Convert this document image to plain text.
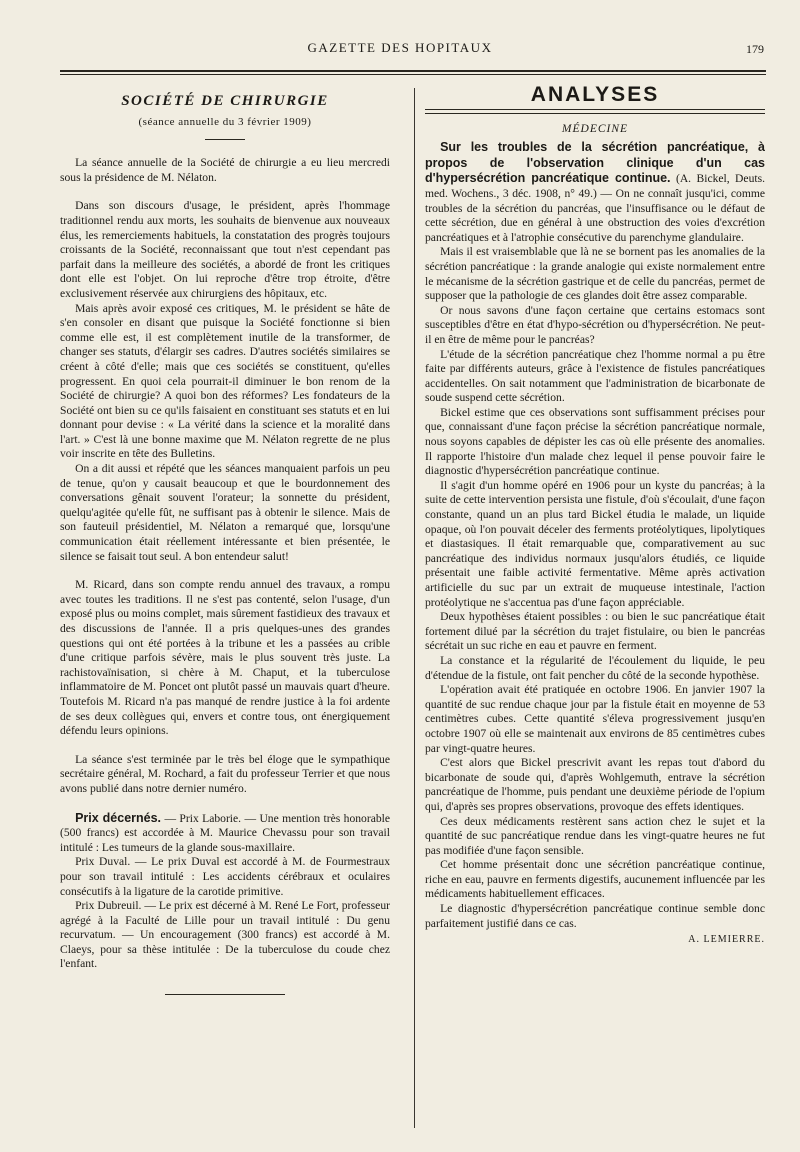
GAZETTE DES HOPITAUX	179
SOCIÉTÉ DE CHIRURGIE
(séance annuelle du 3 février 1909)

La séance annuelle de la Société de chirurgie a eu lieu mercredi sous la présidence de M. Nélaton.

Dans son discours d'usage, le président, après l'hommage traditionnel rendu aux morts, les souhaits de bienvenue aux nouveaux élus, les remerciements habituels, la constatation des progrès toujours croissants de la Société, reconnaissant que tout n'est cependant pas parfait dans la meilleure des sociétés, a abordé de front les critiques dont elle est l'objet. On lui reproche d'être trop étroite, d'être exclusivement réservée aux chirurgiens des hôpitaux, etc.

Mais après avoir exposé ces critiques, M. le président se hâte de s'en consoler en disant que puisque la Société fonctionne si bien comme elle est, il est complètement inutile de la transformer, de changer ses statuts, d'élargir ses cadres. D'autres sociétés similaires se créent à côté d'elle; mais que ces sociétés se constituent, qu'elles progressent. En quoi cela pourrait-il diminuer le bon renom de la Société de chirurgie? A quoi bon des réformes? Les fondateurs de la Société ont bien su ce qu'ils faisaient en constituant ses statuts et en lui donnant pour devise : « La vérité dans la science et la moralité dans l'art. » C'est là une bonne maxime que M. Nélaton regrette de ne plus voir inscrite en tête des Bulletins.

On a dit aussi et répété que les séances manquaient parfois un peu de tenue, qu'on y causait beaucoup et que le bourdonnement des conversations gênait souvent l'orateur; la sonnette du président, quelqu'agitée qu'elle fût, ne suffisant pas à obtenir le silence. Mais de son fauteuil présidentiel, M. Nélaton a remarqué que, lorsqu'une communication était réellement intéressante et bien présentée, le silence se faisait tout seul. A bon entendeur salut!

M. Ricard, dans son compte rendu annuel des travaux, a rompu avec toutes les traditions. Il ne s'est pas contenté, selon l'usage, d'un exposé plus ou moins complet, mais sûrement fastidieux des travaux et des discussions de l'année. Il a pris quelques-unes des grandes questions qui ont été portées à la tribune et les a passées au crible d'une critique parfois sévère, mais le plus souvent très juste. La rachistovaïnisation, si chère à M. Chaput, et la tuberculose inflammatoire de M. Poncet ont plutôt passé un mauvais quart d'heure. Toutefois M. Ricard n'a pas manqué de rendre justice à la foi ardente de ses deux collègues qui, envers et contre tous, ont énergiquement défendu leurs opinions.

La séance s'est terminée par le très bel éloge que le sympathique secrétaire général, M. Rochard, a fait du professeur Terrier et que nous avons publié dans notre dernier numéro.

Prix décernés. — Prix Laborie. — Une mention très honorable (500 francs) est accordée à M. Maurice Chevassu pour son travail intitulé : Les tumeurs de la glande sous-maxillaire.

Prix Duval. — Le prix Duval est accordé à M. de Fourmestraux pour son travail intitulé : Les accidents cérébraux et oculaires consécutifs à la ligature de la carotide primitive.

Prix Dubreuil. — Le prix est décerné à M. René Le Fort, professeur agrégé à la Faculté de Lille pour un travail intitulé : Du genu recurvatum. — Un encouragement (300 francs) est accordé à M. Claeys, pour sa thèse intitulée : De la tuberculose du coude chez l'enfant.

ANALYSES
MÉDECINE

Sur les troubles de la sécrétion pancréatique, à propos de l'observation clinique d'un cas d'hypersécrétion pancréatique continue. (A. Bickel, Deuts. med. Wochens., 3 déc. 1908, n° 49.) — On ne connaît jusqu'ici, comme troubles de la sécrétion du pancréas, que l'insuffisance ou le défaut de cette sécrétion, due en général à une obstruction des voies d'excrétion pancréatiques et à l'atrophie consécutive du parenchyme glandulaire.

Mais il est vraisemblable que là ne se bornent pas les anomalies de la sécrétion pancréatique : la grande analogie qui existe normalement entre le mécanisme de la sécrétion gastrique et de celle du pancréas, permet de supposer que la pathologie de ces glandes doit être assez comparable.

Or nous savons d'une façon certaine que certains estomacs sont susceptibles d'être en état d'hypo-sécrétion ou d'hypersécrétion. Ne peut-il en être de même pour le pancréas?

L'étude de la sécrétion pancréatique chez l'homme normal a pu être faite par différents auteurs, grâce à l'existence de fistules pancréatiques accidentelles. On sait notamment que l'administration de bicarbonate de soude suspend cette sécrétion.

Bickel estime que ces observations sont suffisamment précises pour que, connaissant d'une façon précise la sécrétion pancréatique normale, nous soyons capables de dépister les cas où elle présente des anomalies. Il rapporte l'histoire d'un malade chez lequel il pense pouvoir faire le diagnostic d'hypersécrétion pancréatique continue.

Il s'agit d'un homme opéré en 1906 pour un kyste du pancréas; à la suite de cette intervention persista une fistule, d'où s'écoulait, d'une façon constante, quand un an plus tard Bickel étudia le malade, un liquide opaque, où l'on pouvait déceler des ferments protéolytiques, lipolytiques et diastasiques. Il était remarquable que, comparativement au suc pancréatique des individus normaux jusqu'alors étudiés, ce liquide présentait une faible activité fermentative. Même après activation artificielle du suc par un extrait de muqueuse intestinale, l'action protéolytique ne s'accentua pas d'une façon appréciable.

Deux hypothèses étaient possibles : ou bien le suc pancréatique était fortement dilué par la sécrétion du trajet fistulaire, ou bien le pancréas sécrétait un suc riche en eau et pauvre en ferment.

La constance et la régularité de l'écoulement du liquide, le peu d'étendue de la fistule, ont fait pencher du côté de la seconde hypothèse.

L'opération avait été pratiquée en octobre 1906. En janvier 1907 la quantité de suc rendue chaque jour par la fistule était en moyenne de 53 centimètres cubes. Cette quantité s'éleva progressivement jusqu'en octobre 1907 où elle se maintenait aux environs de 85 centimètres cubes par vingt-quatre heures.

C'est alors que Bickel prescrivit avant les repas tout d'abord du bicarbonate de soude qui, d'après Wohlgemuth, entrave la sécrétion pancréatique de l'homme, puis pendant une deuxième période de l'opium qui, d'après ses propres observations, provoque des effets identiques.

Ces deux médicaments restèrent sans action chez le sujet et la quantité de suc pancréatique rendue dans les vingt-quatre heures ne fut pas modifiée d'une façon sensible.

Cet homme présentait donc une sécrétion pancréatique continue, riche en eau, pauvre en ferments digestifs, aucunement influencée par les médicaments habituellement efficaces.

Le diagnostic d'hypersécrétion pancréatique continue semble donc parfaitement justifié dans ce cas.

A. LEMIERRE.
